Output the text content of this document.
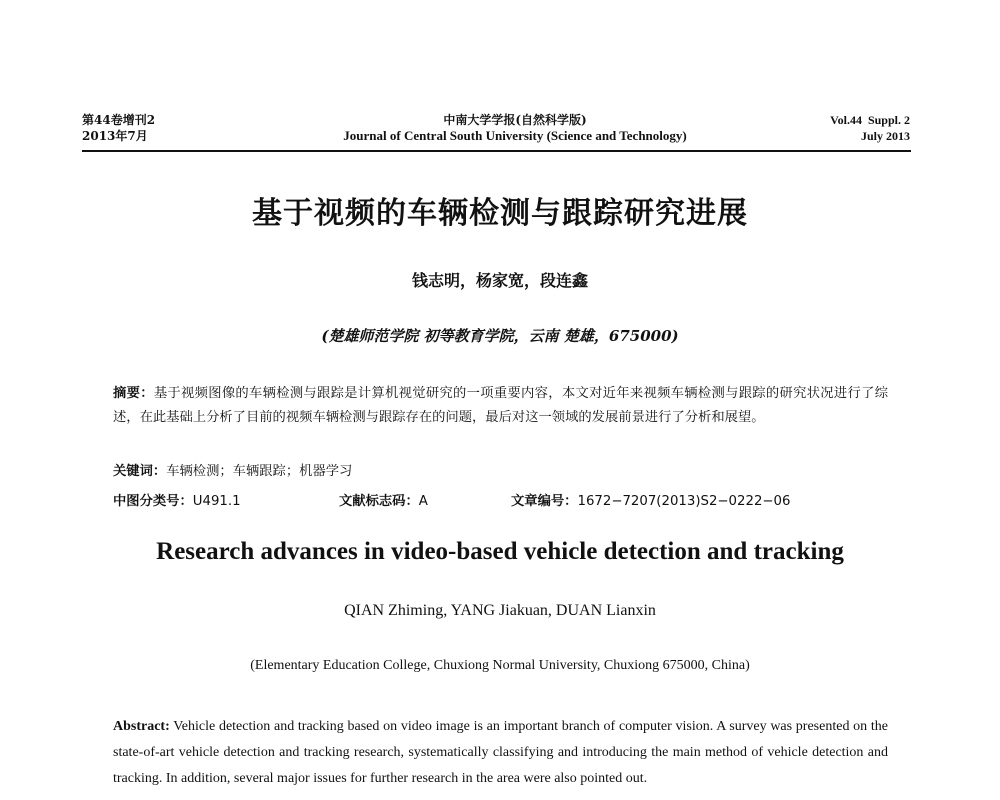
第44卷增刊2
2013年7月
中南大学学报(自然科学版)
Journal of Central South University (Science and Technology)
Vol.44  Suppl. 2
July 2013
基于视频的车辆检测与跟踪研究进展
钱志明，杨家宽，段连鑫
(楚雄师范学院 初等教育学院，云南 楚雄，675000)
摘要：基于视频图像的车辆检测与跟踪是计算机视觉研究的一项重要内容，本文对近年来视频车辆检测与跟踪的研究状况进行了综述，在此基础上分析了目前的视频车辆检测与跟踪存在的问题，最后对这一领域的发展前景进行了分析和展望。
关键词：车辆检测；车辆跟踪；机器学习
中图分类号：U491.1	文献标志码：A	文章编号：1672−7207(2013)S2−0222−06
Research advances in video-based vehicle detection and tracking
QIAN Zhiming, YANG Jiakuan, DUAN Lianxin
(Elementary Education College, Chuxiong Normal University, Chuxiong 675000, China)
Abstract: Vehicle detection and tracking based on video image is an important branch of computer vision. A survey was presented on the state-of-art vehicle detection and tracking research, systematically classifying and introducing the main method of vehicle detection and tracking. In addition, several major issues for further research in the area were also pointed out.
